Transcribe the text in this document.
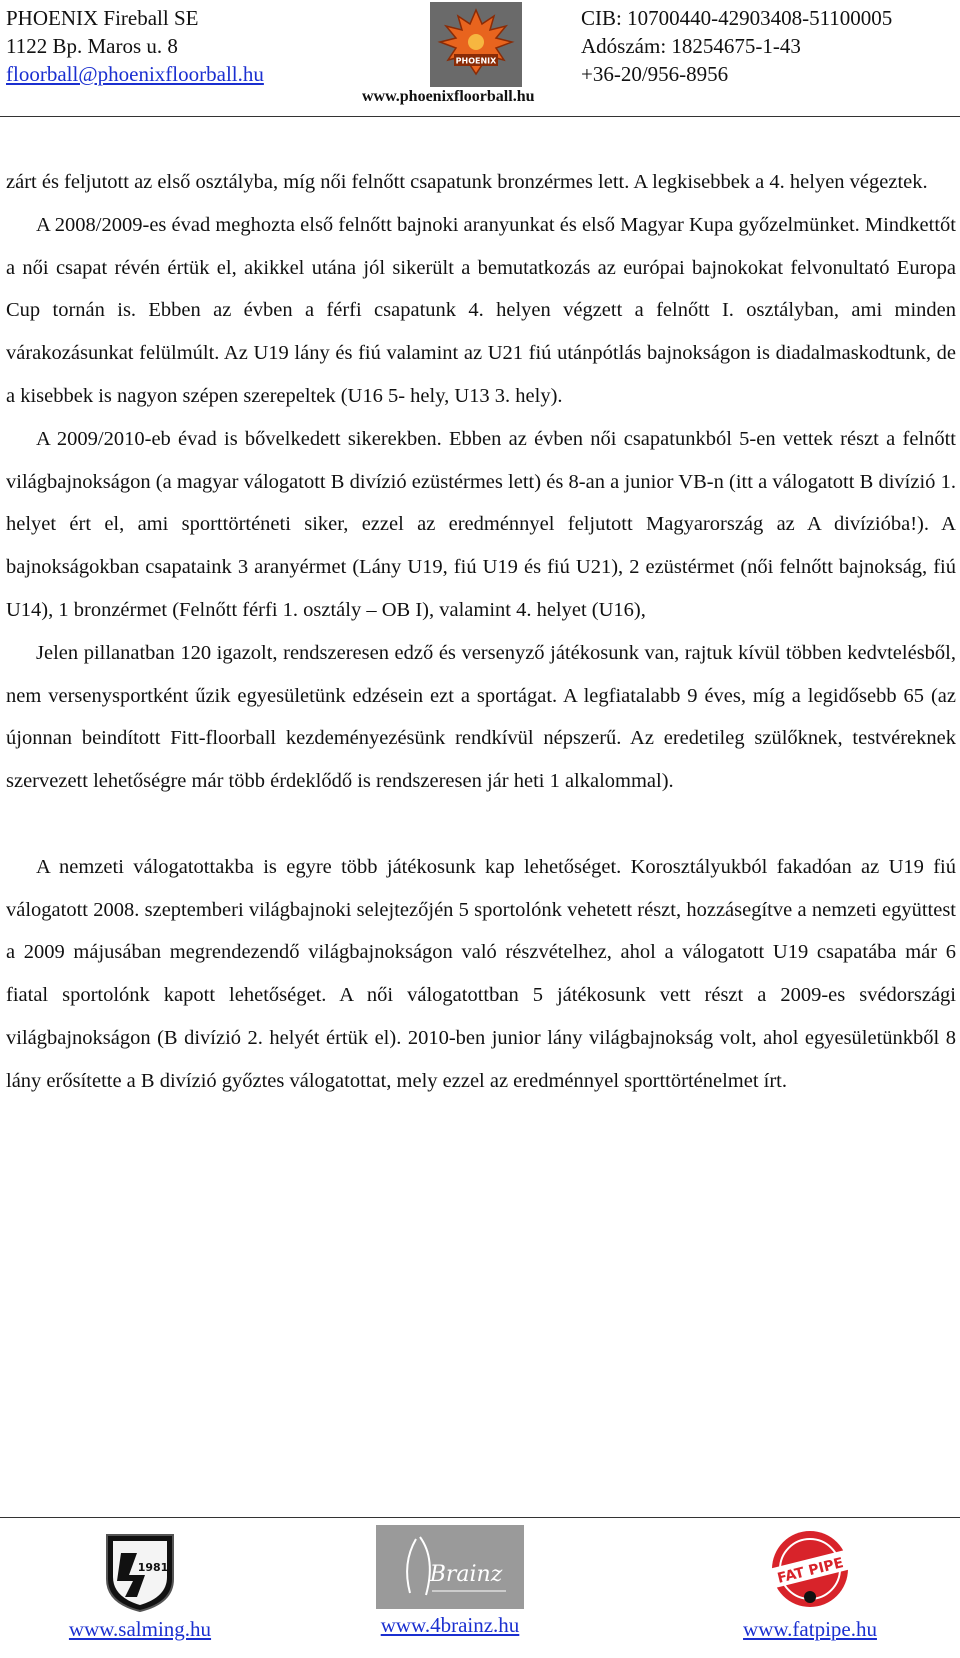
PHOENIX Fireball SE
1122 Bp. Maros u. 8
floorball@phoenixfloorball.hu
PHOENIX
CIB: 10700440-42903408-51100005
Adószám: 18254675-1-43
+36-20/956-8956
www.phoenixfloorball.hu

zárt és feljutott az első osztályba, míg női felnőtt csapatunk bronzérmes lett. A legkisebbek a 4. helyen végeztek.

A 2008/2009-es évad meghozta első felnőtt bajnoki aranyunkat és első Magyar Kupa győzelmünket. Mindkettőt a női csapat révén értük el, akikkel utána jól sikerült a bemutatkozás az európai bajnokokat felvonultató Europa Cup tornán is. Ebben az évben a férfi csapatunk 4. helyen végzett a felnőtt I. osztályban, ami minden várakozásunkat felülmúlt. Az U19 lány és fiú valamint az U21 fiú utánpótlás bajnokságon is diadalmaskodtunk, de a kisebbek is nagyon szépen szerepeltek (U16 5- hely, U13 3. hely).

A 2009/2010-eb évad is bővelkedett sikerekben. Ebben az évben női csapatunkból 5-en vettek részt a felnőtt világbajnokságon (a magyar válogatott B divízió ezüstérmes lett) és 8-an a junior VB-n (itt a válogatott B divízió 1. helyet ért el, ami sporttörténeti siker, ezzel az eredménnyel feljutott Magyarország az A divízióba!). A bajnokságokban csapataink 3 aranyérmet (Lány U19, fiú U19 és fiú U21), 2 ezüstérmet (női felnőtt bajnokság, fiú U14), 1 bronzérmet (Felnőtt férfi 1. osztály – OB I), valamint 4. helyet (U16),

Jelen pillanatban 120 igazolt, rendszeresen edző és versenyző játékosunk van, rajtuk kívül többen kedvtelésből, nem versenysportként űzik egyesületünk edzésein ezt a sportágat. A legfiatalabb 9 éves, míg a legidősebb 65 (az újonnan beindított Fitt-floorball kezdeményezésünk rendkívül népszerű. Az eredetileg szülőknek, testvéreknek szervezett lehetőségre már több érdeklődő is rendszeresen jár heti 1 alkalommal).

A nemzeti válogatottakba is egyre több játékosunk kap lehetőséget. Korosztályukból fakadóan az U19 fiú válogatott 2008. szeptemberi világbajnoki selejtezőjén 5 sportolónk vehetett részt, hozzásegítve a nemzeti együttest a 2009 májusában megrendezendő világbajnokságon való részvételhez, ahol a válogatott U19 csapatába már 6 fiatal sportolónk kapott lehetőséget. A női válogatottban 5 játékosunk vett részt a 2009-es svédországi világbajnokságon (B divízió 2. helyét értük el). 2010-ben junior lány világbajnokság volt, ahol egyesületünkből 8 lány erősítette a B divízió győztes válogatottat, mely ezzel az eredménnyel sporttörténelmet írt.

1981
www.salming.hu
Brainz
www.4brainz.hu
FAT PIPE
www.fatpipe.hu
